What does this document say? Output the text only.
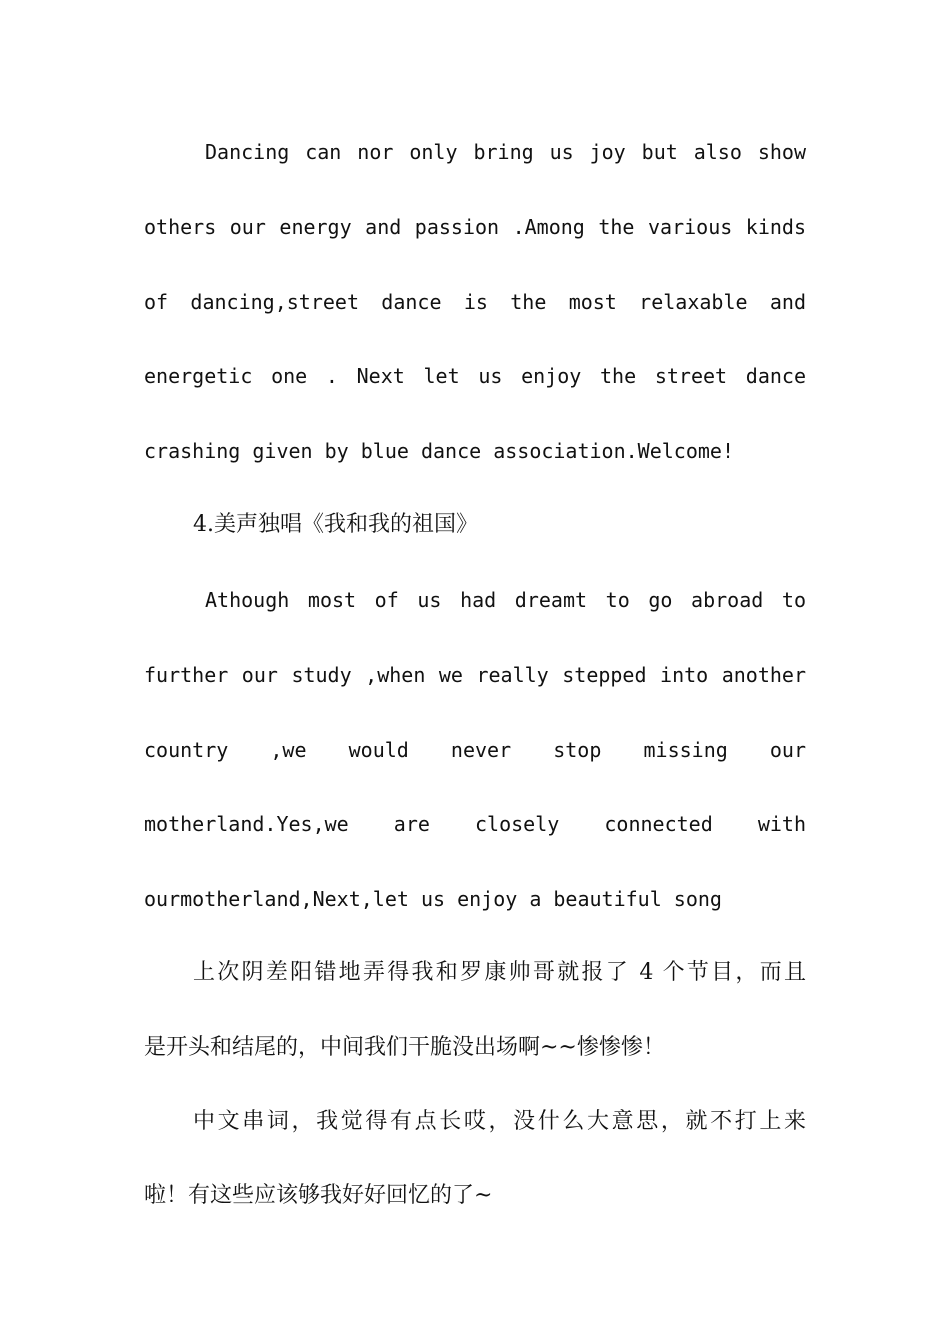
Dancing can nor only bring us joy but also show
others our energy and passion .Among the various kinds
of dancing,street dance is the most relaxable and
energetic one . Next let us enjoy the street dance
crashing given by blue dance association.Welcome!
4.美声独唱《我和我的祖国》
Athough most of us had dreamt to go abroad to
further our study ,when we really stepped into another
country ,we would never stop missing our
motherland.Yes,we are closely connected with
ourmotherland,Next,let us enjoy a beautiful song
上次阴差阳错地弄得我和罗康帅哥就报了 4 个节目，而且
是开头和结尾的，中间我们干脆没出场啊~~惨惨惨！
中文串词，我觉得有点长哎，没什么大意思，就不打上来
啦！有这些应该够我好好回忆的了~
